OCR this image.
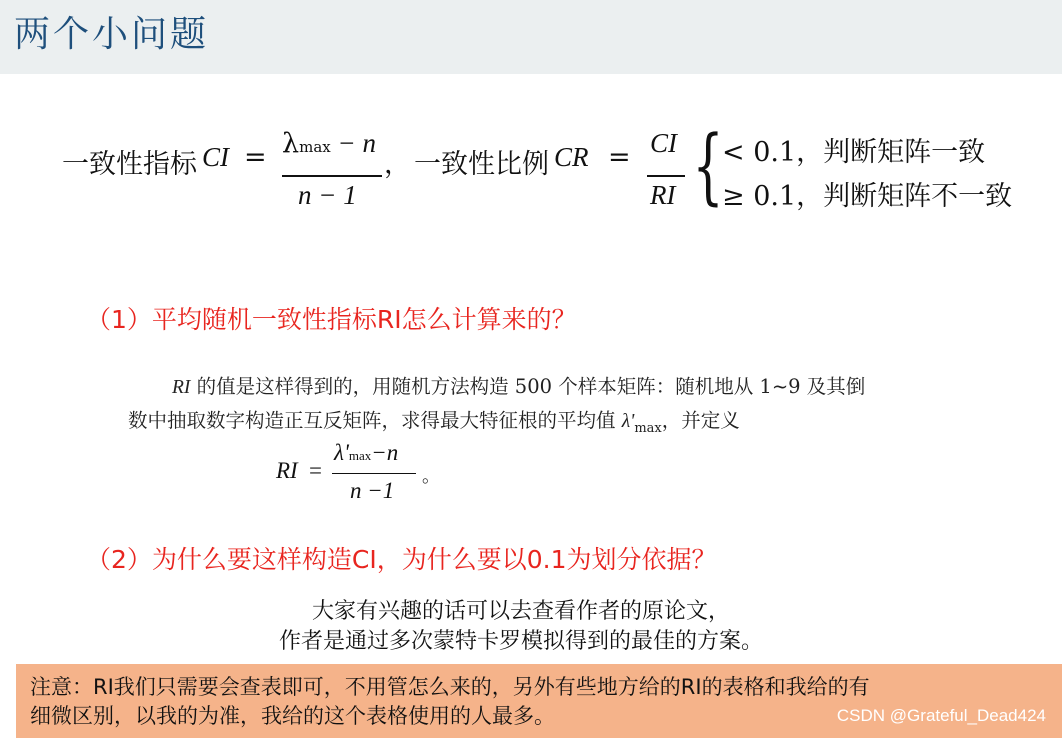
两个小问题
一致性指标 CI = λmax − n
n − 1
， 一致性比例 CR = CI
RI {
< 0.1，判断矩阵一致
≥ 0.1，判断矩阵不一致
（1）平均随机一致性指标RI怎么计算来的？
RI 的值是这样得到的，用随机方法构造 500 个样本矩阵：随机地从 1~9 及其倒
数中抽取数字构造正互反矩阵，求得最大特征根的平均值 $\lambda'_{max}$，并定义
RI =
λ'max−n
n −1
。
（2）为什么要这样构造CI，为什么要以0.1为划分依据？
大家有兴趣的话可以去查看作者的原论文，
作者是通过多次蒙特卡罗模拟得到的最佳的方案。
注意：RI我们只需要会查表即可，不用管怎么来的，另外有些地方给的RI的表格和我给的有
细微区别，以我的为准，我给的这个表格使用的人最多。	CSDN @Grateful_Dead424
